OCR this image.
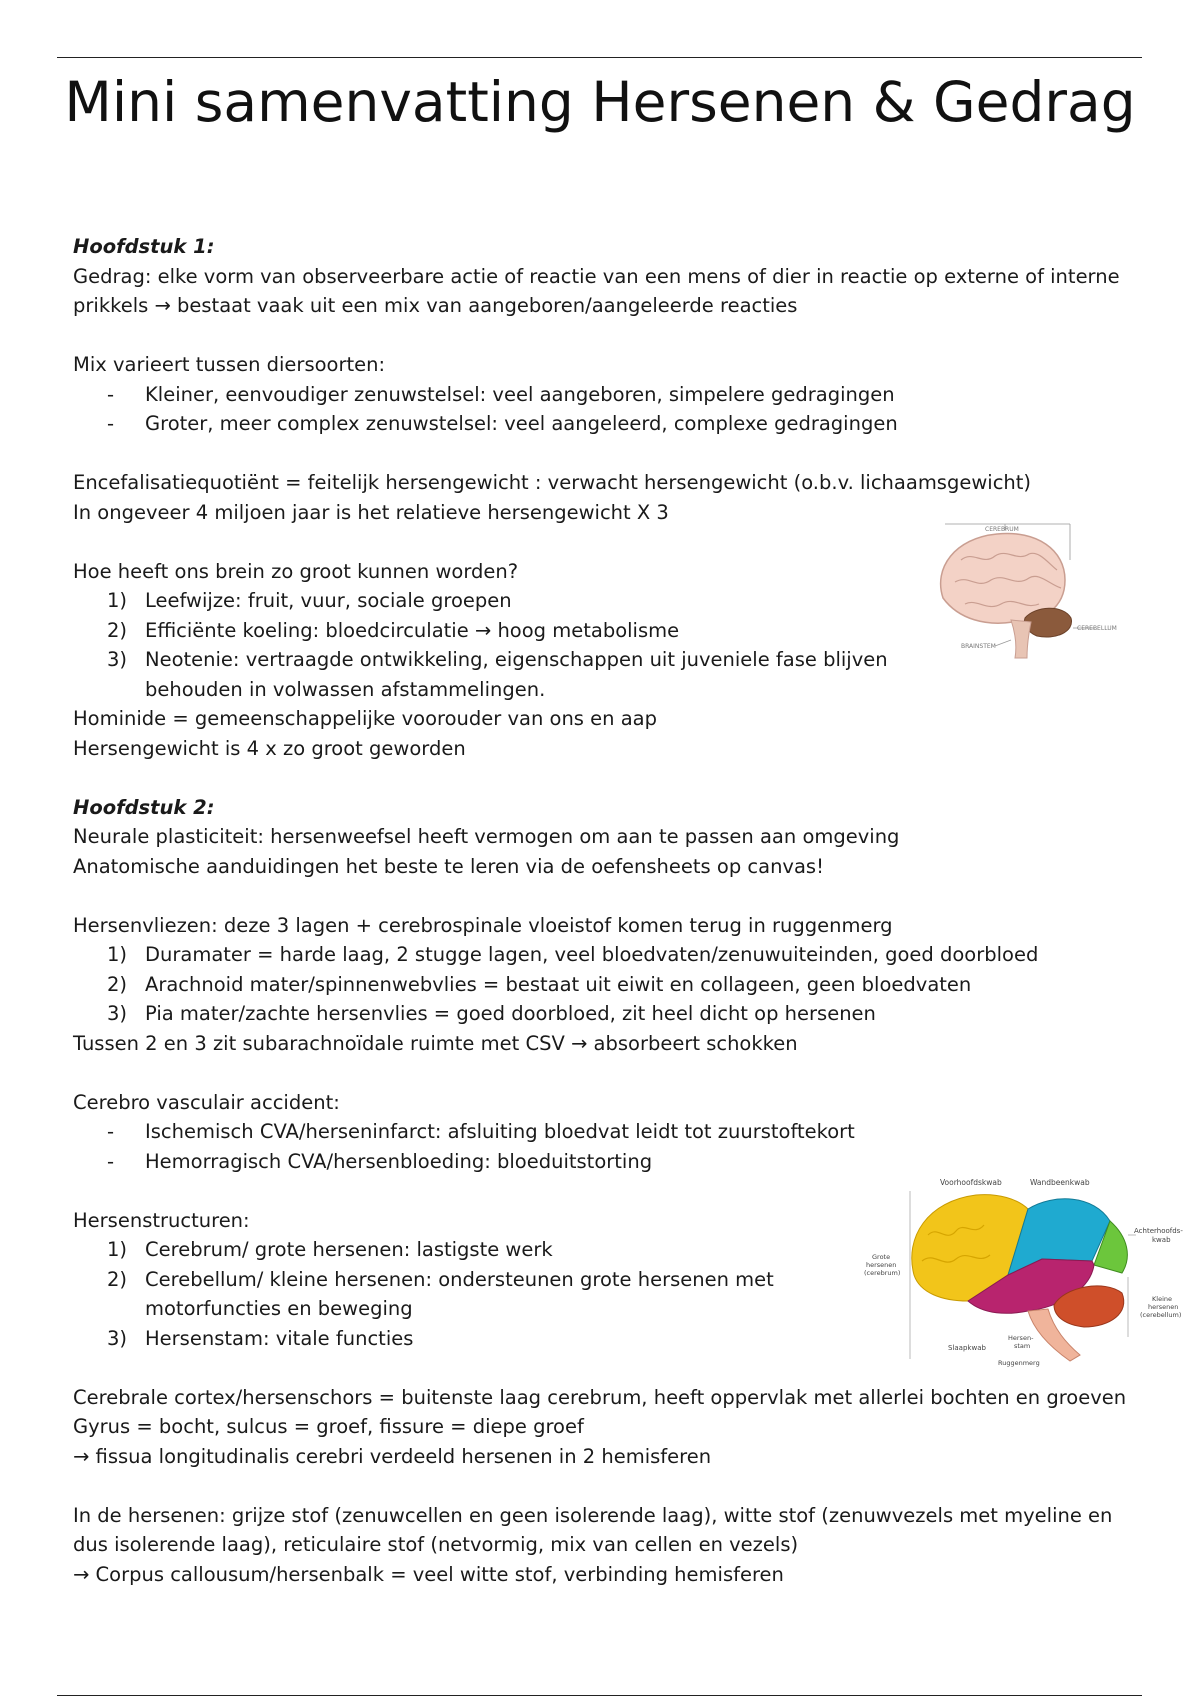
Mini samenvatting Hersenen & Gedrag

Hoofdstuk 1:

Gedrag: elke vorm van observeerbare actie of reactie van een mens of dier in reactie op externe of interne prikkels → bestaat vaak uit een mix van aangeboren/aangeleerde reacties

Mix varieert tussen diersoorten:

- Kleiner, eenvoudiger zenuwstelsel: veel aangeboren, simpelere gedragingen

- Groter, meer complex zenuwstelsel: veel aangeleerd, complexe gedragingen

Encefalisatiequotiënt = feitelijk hersengewicht : verwacht hersengewicht (o.b.v. lichaamsgewicht)

In ongeveer 4 miljoen jaar is het relatieve hersengewicht X 3

Hoe heeft ons brein zo groot kunnen worden?

1) Leefwijze: fruit, vuur, sociale groepen

2) Efficiënte koeling: bloedcirculatie → hoog metabolisme

3) Neotenie: vertraagde ontwikkeling, eigenschappen uit juveniele fase blijven behouden in volwassen afstammelingen.

Hominide = gemeenschappelijke voorouder van ons en aap

Hersengewicht is 4 x zo groot geworden

Hoofdstuk 2:

Neurale plasticiteit: hersenweefsel heeft vermogen om aan te passen aan omgeving

Anatomische aanduidingen het beste te leren via de oefensheets op canvas!

Hersenvliezen: deze 3 lagen + cerebrospinale vloeistof komen terug in ruggenmerg

1) Duramater = harde laag, 2 stugge lagen, veel bloedvaten/zenuwuiteinden, goed doorbloed

2) Arachnoid mater/spinnenwebvlies = bestaat uit eiwit en collageen, geen bloedvaten

3) Pia mater/zachte hersenvlies = goed doorbloed, zit heel dicht op hersenen

Tussen 2 en 3 zit subarachnoïdale ruimte met CSV → absorbeert schokken

Cerebro vasculair accident:

- Ischemisch CVA/herseninfarct: afsluiting bloedvat leidt tot zuurstoftekort

- Hemorragisch CVA/hersenbloeding: bloeduitstorting

Hersenstructuren:

1) Cerebrum/ grote hersenen: lastigste werk

2) Cerebellum/ kleine hersenen: ondersteunen grote hersenen met motorfuncties en beweging

3) Hersenstam: vitale functies

Cerebrale cortex/hersenschors = buitenste laag cerebrum, heeft oppervlak met allerlei bochten en groeven

Gyrus = bocht, sulcus = groef, fissure = diepe groef

→ fissua longitudinalis cerebri verdeeld hersenen in 2 hemisferen

In de hersenen: grijze stof (zenuwcellen en geen isolerende laag), witte stof (zenuwvezels met myeline en dus isolerende laag), reticulaire stof (netvormig, mix van cellen en vezels)

→ Corpus callousum/hersenbalk = veel witte stof, verbinding hemisferen

CEREBRUM
CEREBELLUM
BRAINSTEM
Voorhoofdskwab	Wandbeenkwab
Achterhoofds-
kwab
Grote
hersenen
(cerebrum)
Kleine
hersenen
(cerebellum)
Slaapkwab
Hersen-
stam
Ruggenmerg
